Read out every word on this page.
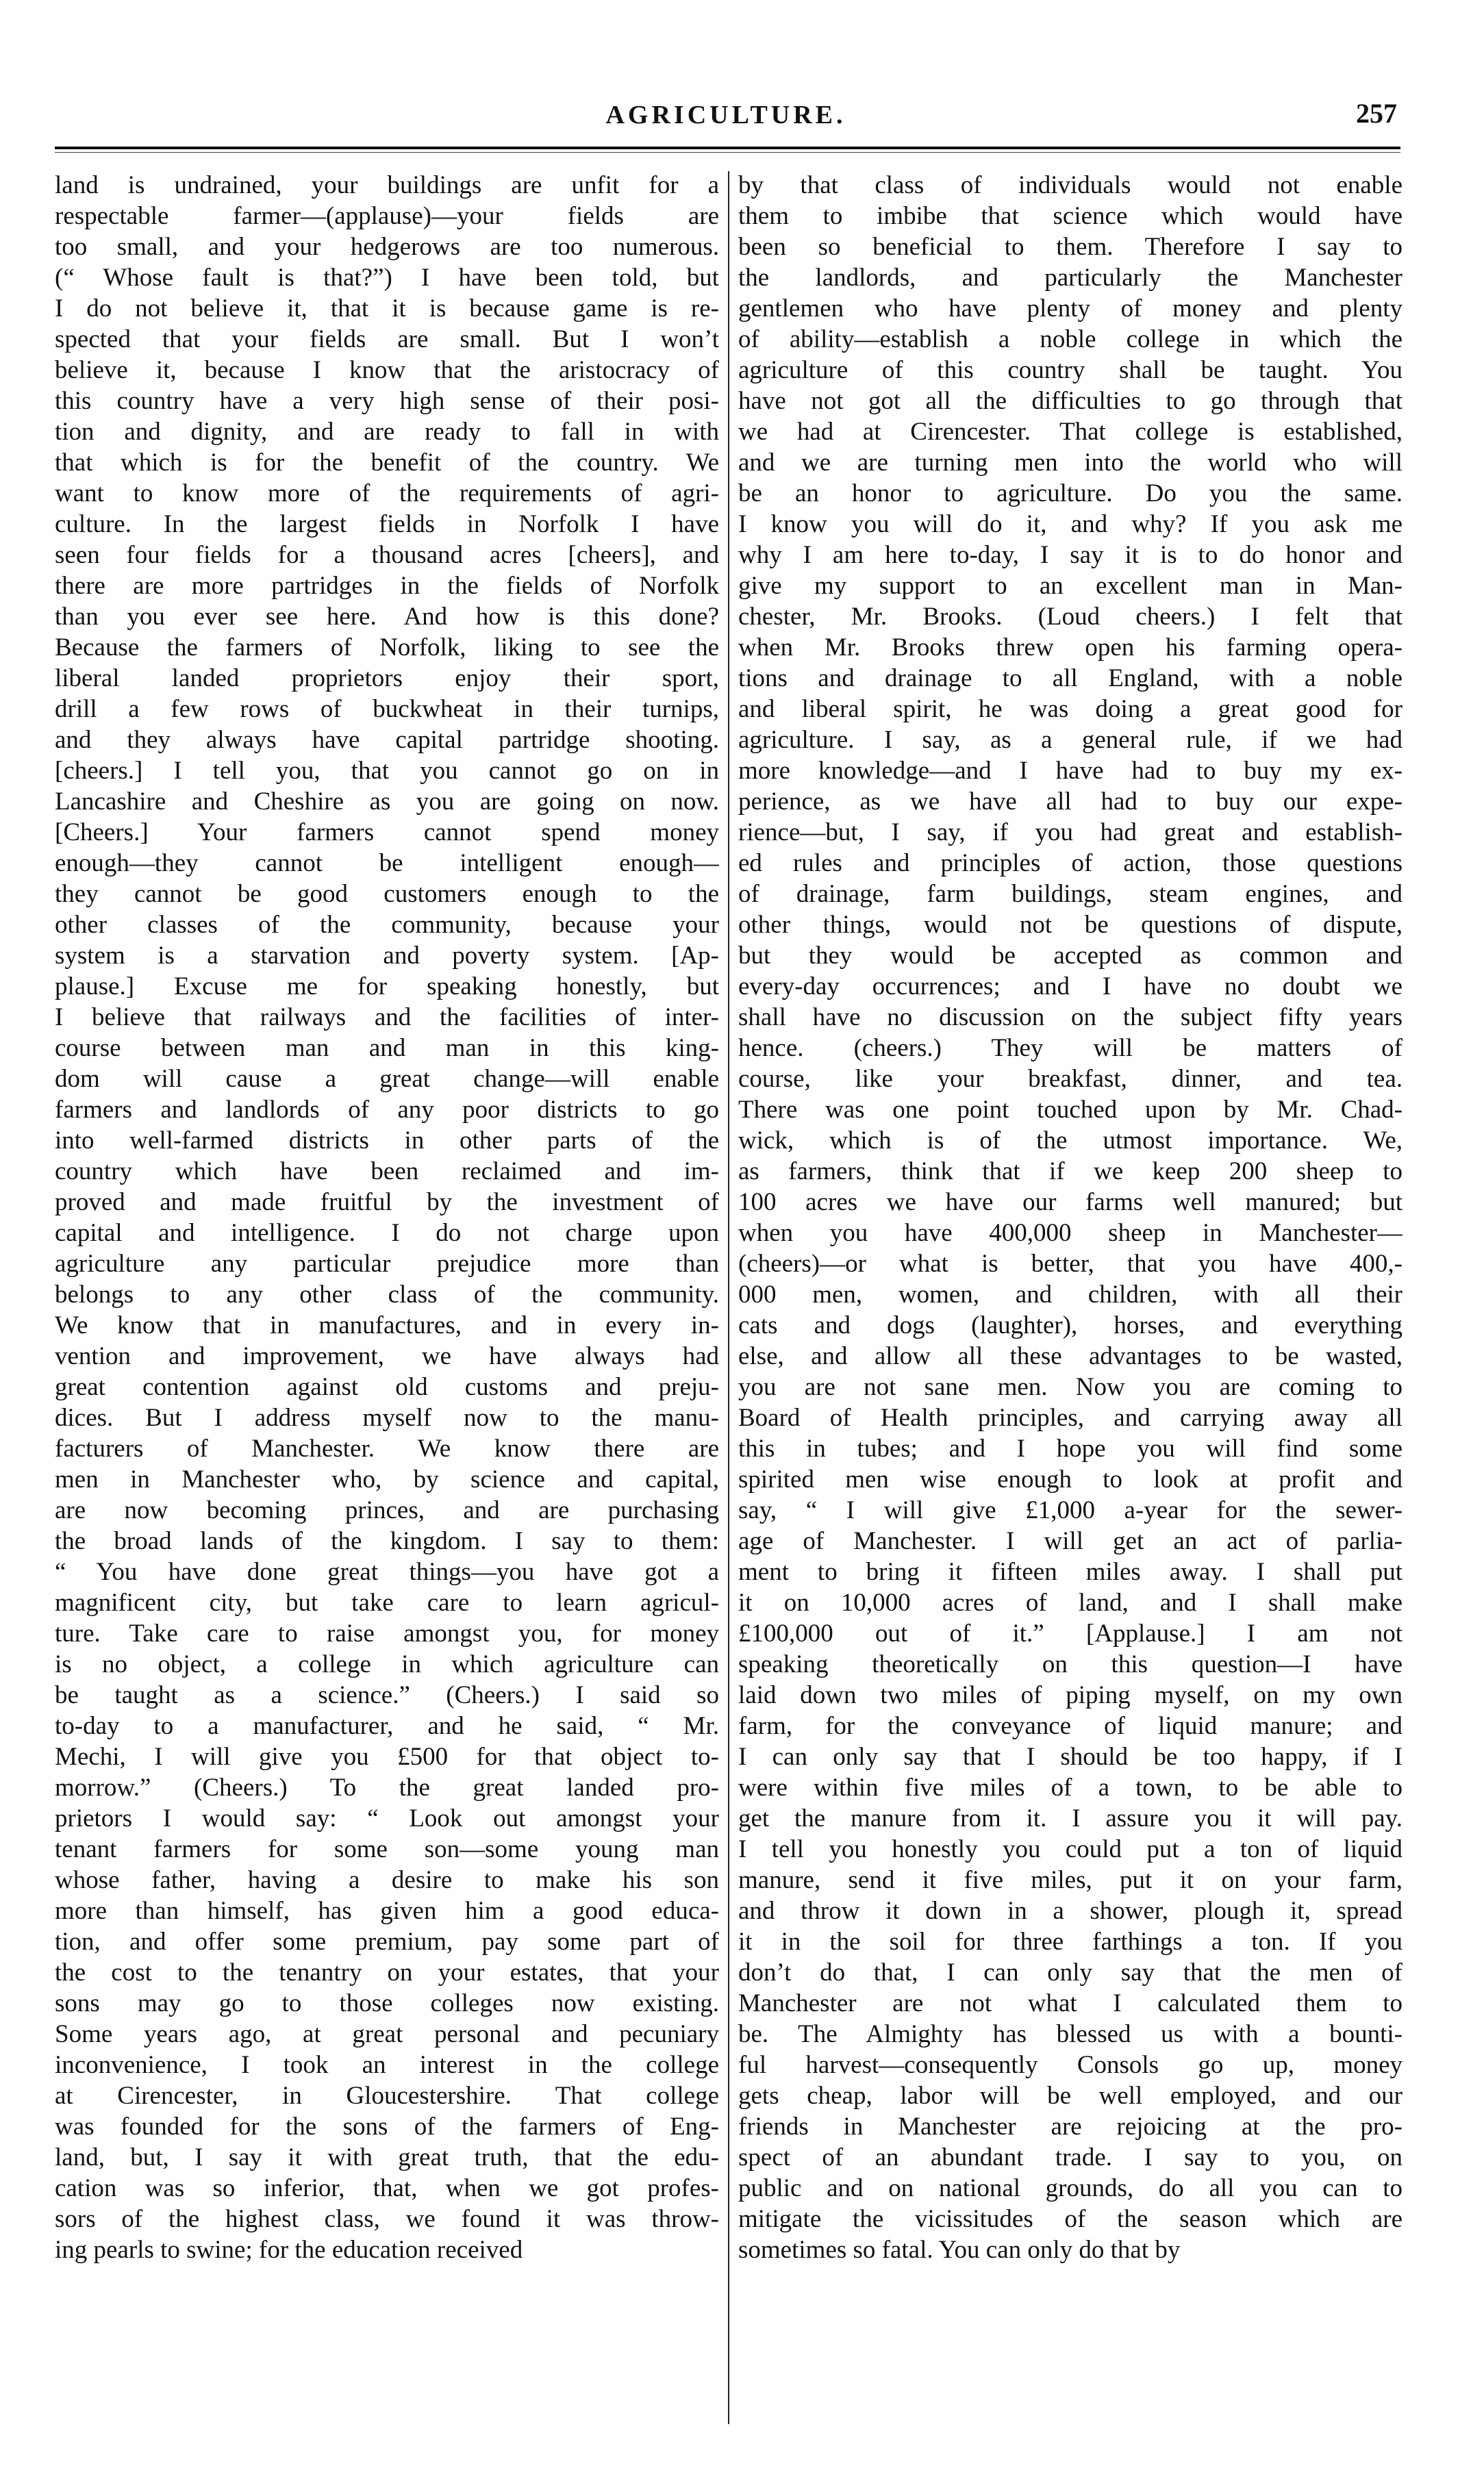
AGRICULTURE.	257
land is undrained, your buildings are unfit for a
respectable farmer—(applause)—your fields are
too small, and your hedgerows are too numerous.
(“ Whose fault is that?”) I have been told, but
I do not believe it, that it is because game is re-
spected that your fields are small. But I won’t
believe it, because I know that the aristocracy of
this country have a very high sense of their posi-
tion and dignity, and are ready to fall in with
that which is for the benefit of the country. We
want to know more of the requirements of agri-
culture. In the largest fields in Norfolk I have
seen four fields for a thousand acres [cheers], and
there are more partridges in the fields of Norfolk
than you ever see here. And how is this done?
Because the farmers of Norfolk, liking to see the
liberal landed proprietors enjoy their sport,
drill a few rows of buckwheat in their turnips,
and they always have capital partridge shooting.
[cheers.] I tell you, that you cannot go on in
Lancashire and Cheshire as you are going on now.
[Cheers.] Your farmers cannot spend money
enough—they cannot be intelligent enough—
they cannot be good customers enough to the
other classes of the community, because your
system is a starvation and poverty system. [Ap-
plause.] Excuse me for speaking honestly, but
I believe that railways and the facilities of inter-
course between man and man in this king-
dom will cause a great change—will enable
farmers and landlords of any poor districts to go
into well-farmed districts in other parts of the
country which have been reclaimed and im-
proved and made fruitful by the investment of
capital and intelligence. I do not charge upon
agriculture any particular prejudice more than
belongs to any other class of the community.
We know that in manufactures, and in every in-
vention and improvement, we have always had
great contention against old customs and preju-
dices. But I address myself now to the manu-
facturers of Manchester. We know there are
men in Manchester who, by science and capital,
are now becoming princes, and are purchasing
the broad lands of the kingdom. I say to them:
“ You have done great things—you have got a
magnificent city, but take care to learn agricul-
ture. Take care to raise amongst you, for money
is no object, a college in which agriculture can
be taught as a science.” (Cheers.) I said so
to-day to a manufacturer, and he said, “ Mr.
Mechi, I will give you £500 for that object to-
morrow.” (Cheers.) To the great landed pro-
prietors I would say: “ Look out amongst your
tenant farmers for some son—some young man
whose father, having a desire to make his son
more than himself, has given him a good educa-
tion, and offer some premium, pay some part of
the cost to the tenantry on your estates, that your
sons may go to those colleges now existing.
Some years ago, at great personal and pecuniary
inconvenience, I took an interest in the college
at Cirencester, in Gloucestershire. That college
was founded for the sons of the farmers of Eng-
land, but, I say it with great truth, that the edu-
cation was so inferior, that, when we got profes-
sors of the highest class, we found it was throw-
ing pearls to swine; for the education received
by that class of individuals would not enable
them to imbibe that science which would have
been so beneficial to them. Therefore I say to
the landlords, and particularly the Manchester
gentlemen who have plenty of money and plenty
of ability—establish a noble college in which the
agriculture of this country shall be taught. You
have not got all the difficulties to go through that
we had at Cirencester. That college is established,
and we are turning men into the world who will
be an honor to agriculture. Do you the same.
I know you will do it, and why? If you ask me
why I am here to-day, I say it is to do honor and
give my support to an excellent man in Man-
chester, Mr. Brooks. (Loud cheers.) I felt that
when Mr. Brooks threw open his farming opera-
tions and drainage to all England, with a noble
and liberal spirit, he was doing a great good for
agriculture. I say, as a general rule, if we had
more knowledge—and I have had to buy my ex-
perience, as we have all had to buy our expe-
rience—but, I say, if you had great and establish-
ed rules and principles of action, those questions
of drainage, farm buildings, steam engines, and
other things, would not be questions of dispute,
but they would be accepted as common and
every-day occurrences; and I have no doubt we
shall have no discussion on the subject fifty years
hence. (cheers.) They will be matters of
course, like your breakfast, dinner, and tea.
There was one point touched upon by Mr. Chad-
wick, which is of the utmost importance. We,
as farmers, think that if we keep 200 sheep to
100 acres we have our farms well manured; but
when you have 400,000 sheep in Manchester—
(cheers)—or what is better, that you have 400,-
000 men, women, and children, with all their
cats and dogs (laughter), horses, and everything
else, and allow all these advantages to be wasted,
you are not sane men. Now you are coming to
Board of Health principles, and carrying away all
this in tubes; and I hope you will find some
spirited men wise enough to look at profit and
say, “ I will give £1,000 a-year for the sewer-
age of Manchester. I will get an act of parlia-
ment to bring it fifteen miles away. I shall put
it on 10,000 acres of land, and I shall make
£100,000 out of it.” [Applause.] I am not
speaking theoretically on this question—I have
laid down two miles of piping myself, on my own
farm, for the conveyance of liquid manure; and
I can only say that I should be too happy, if I
were within five miles of a town, to be able to
get the manure from it. I assure you it will pay.
I tell you honestly you could put a ton of liquid
manure, send it five miles, put it on your farm,
and throw it down in a shower, plough it, spread
it in the soil for three farthings a ton. If you
don’t do that, I can only say that the men of
Manchester are not what I calculated them to
be. The Almighty has blessed us with a bounti-
ful harvest—consequently Consols go up, money
gets cheap, labor will be well employed, and our
friends in Manchester are rejoicing at the pro-
spect of an abundant trade. I say to you, on
public and on national grounds, do all you can to
mitigate the vicissitudes of the season which are
sometimes so fatal. You can only do that by
